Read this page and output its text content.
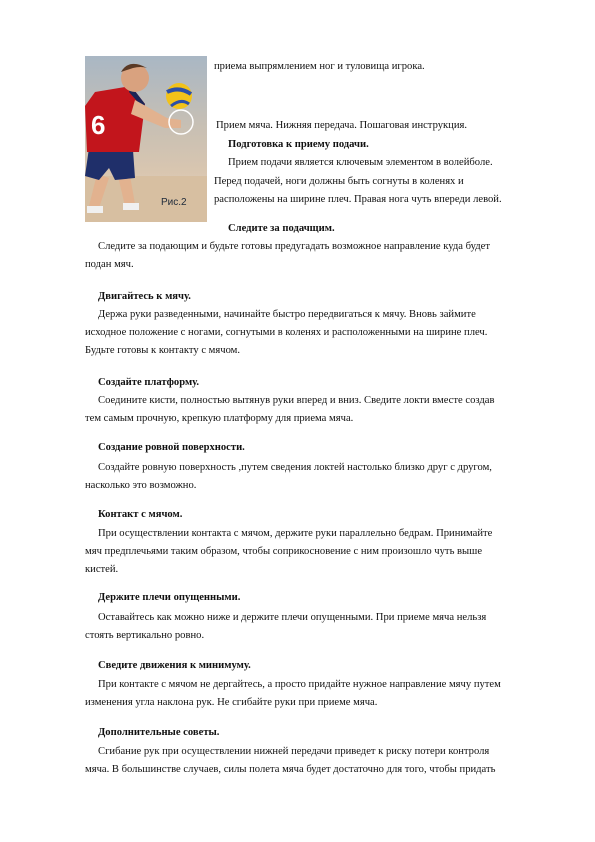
6
Рис.2
приема выпрямлением ног и туловища игрока.
Прием мяча. Нижняя передача. Пошаговая инструкция.
Подготовка к приему подачи.
Прием подачи является ключевым элементом в волейболе.
Перед подачей, ноги должны быть согнуты в коленях и
расположены на ширине плеч. Правая нога чуть впереди левой.
Следите за подачщим.
Следите за подающим и будьте готовы предугадать возможное направление куда будет
подан мяч.
Двигайтесь к мячу.
Держа руки разведенными, начинайте быстро передвигаться к мячу. Вновь займите
исходное положение с ногами, согнутыми в коленях и расположенными на ширине плеч.
Будьте готовы к контакту с мячом.
Создайте платформу.
Соедините кисти, полностью вытянув руки вперед и вниз. Сведите локти вместе создав
тем самым прочную, крепкую платформу для приема мяча.
Создание ровной поверхности.
Создайте ровную поверхность ,путем сведения локтей настолько близко друг с другом,
насколько это возможно.
Контакт с мячом.
При осуществлении контакта с мячом, держите руки параллельно бедрам. Принимайте
мяч предплечьями таким образом, чтобы соприкосновение с ним произошло чуть выше
кистей.
Держите плечи опущенными.
Оставайтесь как можно ниже и держите плечи опущенными. При приеме мяча нельзя
стоять вертикально ровно.
Сведите движения к минимуму.
При контакте с мячом не дергайтесь, а просто придайте нужное направление мячу путем
изменения угла наклона рук. Не сгибайте руки при приеме мяча.
Дополнительные советы.
Сгибание рук при осуществлении нижней передачи приведет к риску потери контроля
мяча. В большинстве случаев, силы полета мяча будет достаточно для того, чтобы придать
